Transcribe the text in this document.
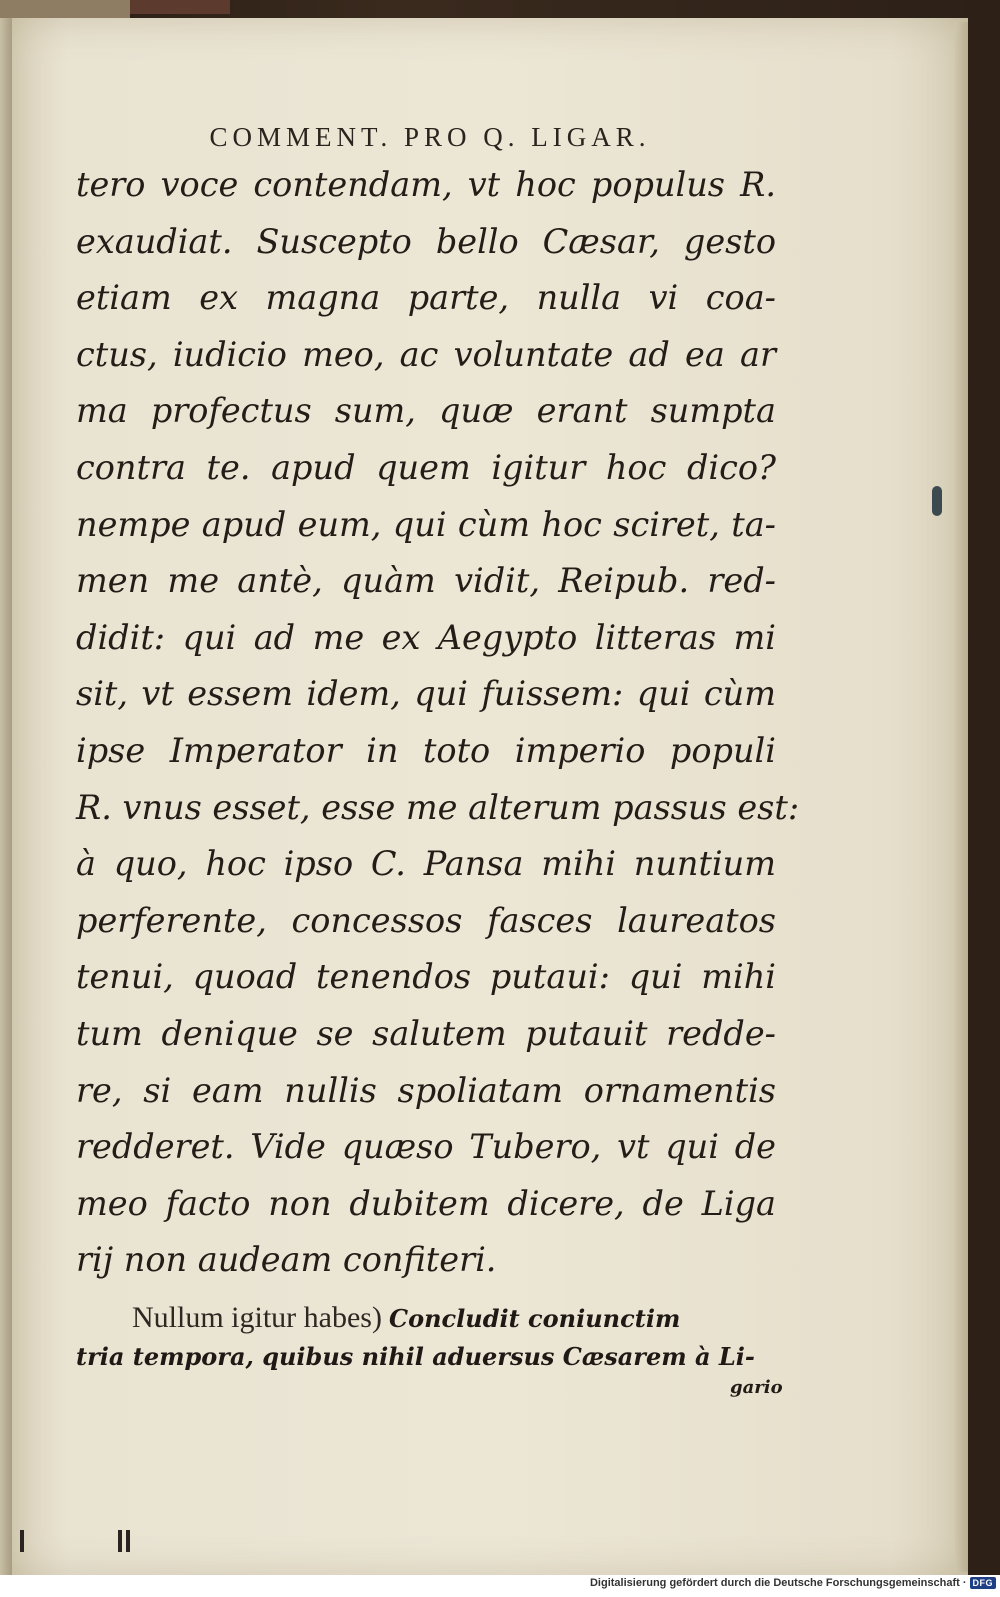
COMMENT. PRO Q. LIGAR.
tero voce contendam, vt hoc populus R.
exaudiat. Suscepto bello Cæsar, gesto
etiam ex magna parte, nulla vi coa-
ctus, iudicio meo, ac voluntate ad ea ar
ma profectus sum, quæ erant sumpta
contra te. apud quem igitur hoc dico?
nempe apud eum, qui cùm hoc sciret, ta-
men me antè, quàm vidit, Reipub. red-
didit: qui ad me ex Aegypto litteras mi
sit, vt essem idem, qui fuissem: qui cùm
ipse Imperator in toto imperio populi
R. vnus esset, esse me alterum passus est:
à quo, hoc ipso C. Pansa mihi nuntium
perferente, concessos fasces laureatos
tenui, quoad tenendos putaui: qui mihi
tum denique se salutem putauit redde-
re, si eam nullis spoliatam ornamentis
redderet. Vide quæso Tubero, vt qui de
meo facto non dubitem dicere, de Liga
rij non audeam confiteri.
Nullum igitur habes) Concludit coniunctim
tria tempora, quibus nihil aduersus Cæsarem à Li-
gario
Digitalisierung gefördert durch die Deutsche Forschungsgemeinschaft · DFG
